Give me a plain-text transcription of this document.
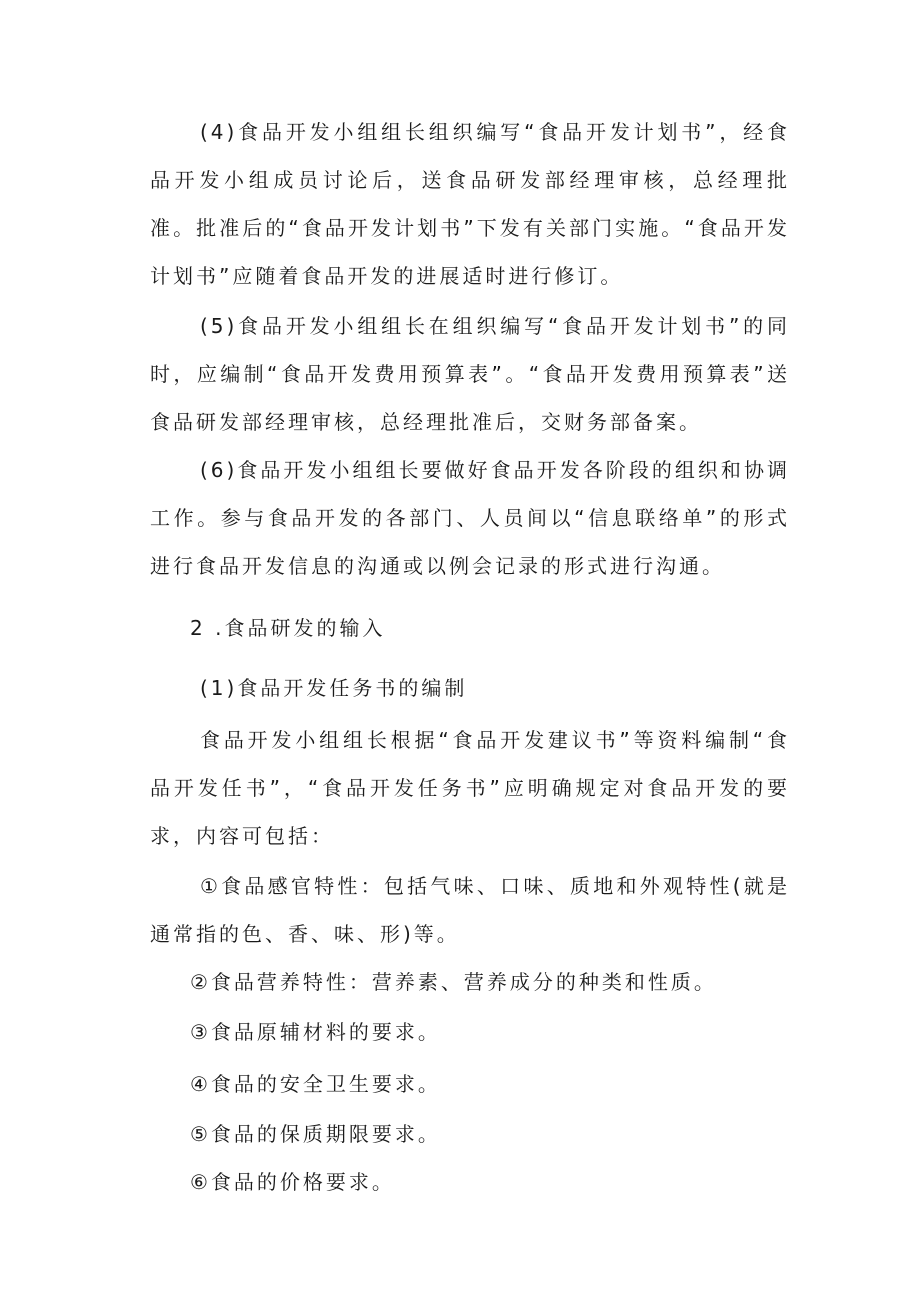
(4)食品开发小组组长组织编写“食品开发计划书”，经食品开发小组成员讨论后，送食品研发部经理审核，总经理批准。批准后的“食品开发计划书”下发有关部门实施。“食品开发计划书”应随着食品开发的进展适时进行修订。

(5)食品开发小组组长在组织编写“食品开发计划书”的同时，应编制“食品开发费用预算表”。“食品开发费用预算表”送食品研发部经理审核，总经理批准后，交财务部备案。

(6)食品开发小组组长要做好食品开发各阶段的组织和协调工作。参与食品开发的各部门、人员间以“信息联络单”的形式进行食品开发信息的沟通或以例会记录的形式进行沟通。

2 .食品研发的输入

(1)食品开发任务书的编制

食品开发小组组长根据“食品开发建议书”等资料编制“食品开发任书”，“食品开发任务书”应明确规定对食品开发的要求，内容可包括：

①食品感官特性：包括气味、口味、质地和外观特性(就是通常指的色、香、味、形)等。

②食品营养特性：营养素、营养成分的种类和性质。

③食品原辅材料的要求。

④食品的安全卫生要求。

⑤食品的保质期限要求。

⑥食品的价格要求。
